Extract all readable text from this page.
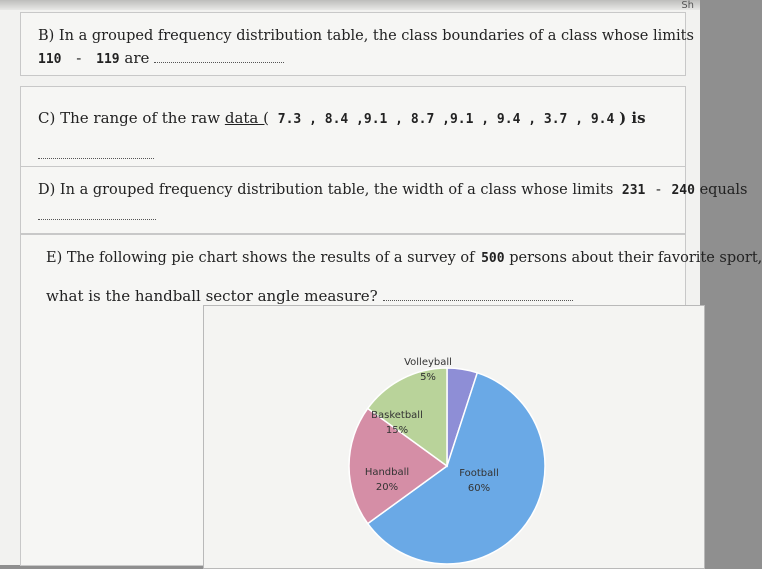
Sh
B) In a grouped frequency distribution table, the class boundaries of a class whose limits
110 - 119 are
C) The range of the raw data ( 7.3 , 8.4 ,9.1 , 8.7 ,9.1 , 9.4 , 3.7 , 9.4 ) is
D) In a grouped frequency distribution table, the width of a class whose limits 231 - 240 equals
E) The following pie chart shows the results of a survey of 500 persons about their favorite sport,
what is the handball sector angle measure?
Volleyball
5%
Football
60%
Handball
20%
Basketball
15%
